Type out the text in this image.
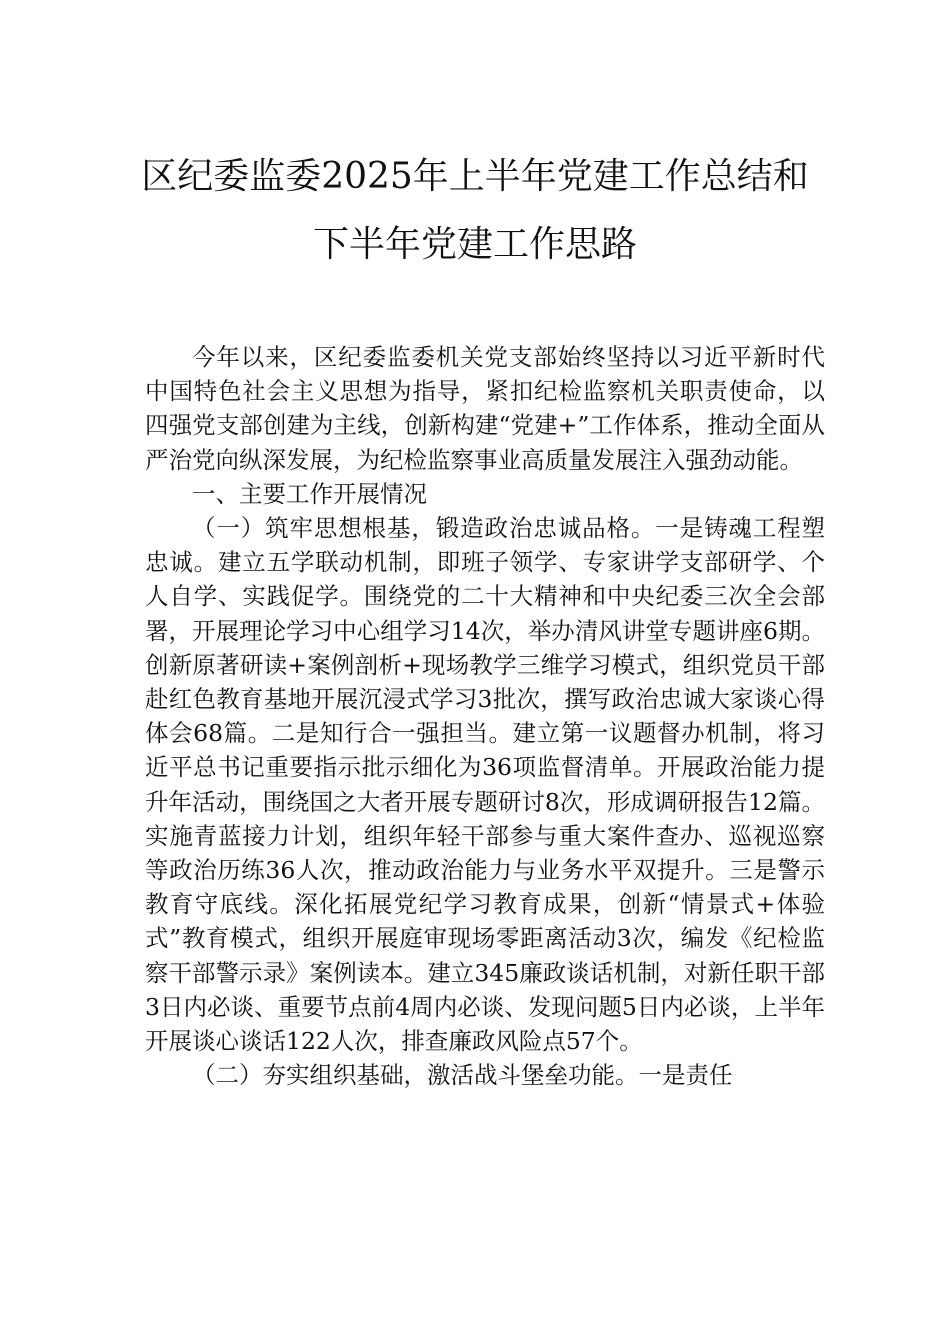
区纪委监委2025年上半年党建工作总结和
下半年党建工作思路

今年以来，区纪委监委机关党支部始终坚持以习近平新时代中国特色社会主义思想为指导，紧扣纪检监察机关职责使命，以四强党支部创建为主线，创新构建“党建+”工作体系，推动全面从严治党向纵深发展，为纪检监察事业高质量发展注入强劲动能。

一、主要工作开展情况

（一）筑牢思想根基，锻造政治忠诚品格。一是铸魂工程塑忠诚。建立五学联动机制，即班子领学、专家讲学支部研学、个人自学、实践促学。围绕党的二十大精神和中央纪委三次全会部署，开展理论学习中心组学习14次，举办清风讲堂专题讲座6期。创新原著研读+案例剖析+现场教学三维学习模式，组织党员干部赴红色教育基地开展沉浸式学习3批次，撰写政治忠诚大家谈心得体会68篇。二是知行合一强担当。建立第一议题督办机制，将习近平总书记重要指示批示细化为36项监督清单。开展政治能力提升年活动，围绕国之大者开展专题研讨8次，形成调研报告12篇。实施青蓝接力计划，组织年轻干部参与重大案件查办、巡视巡察等政治历练36人次，推动政治能力与业务水平双提升。三是警示教育守底线。深化拓展党纪学习教育成果，创新“情景式+体验式”教育模式，组织开展庭审现场零距离活动3次，编发《纪检监察干部警示录》案例读本。建立345廉政谈话机制，对新任职干部3日内必谈、重要节点前4周内必谈、发现问题5日内必谈，上半年开展谈心谈话122人次，排查廉政风险点57个。

（二）夯实组织基础，激活战斗堡垒功能。一是责任
